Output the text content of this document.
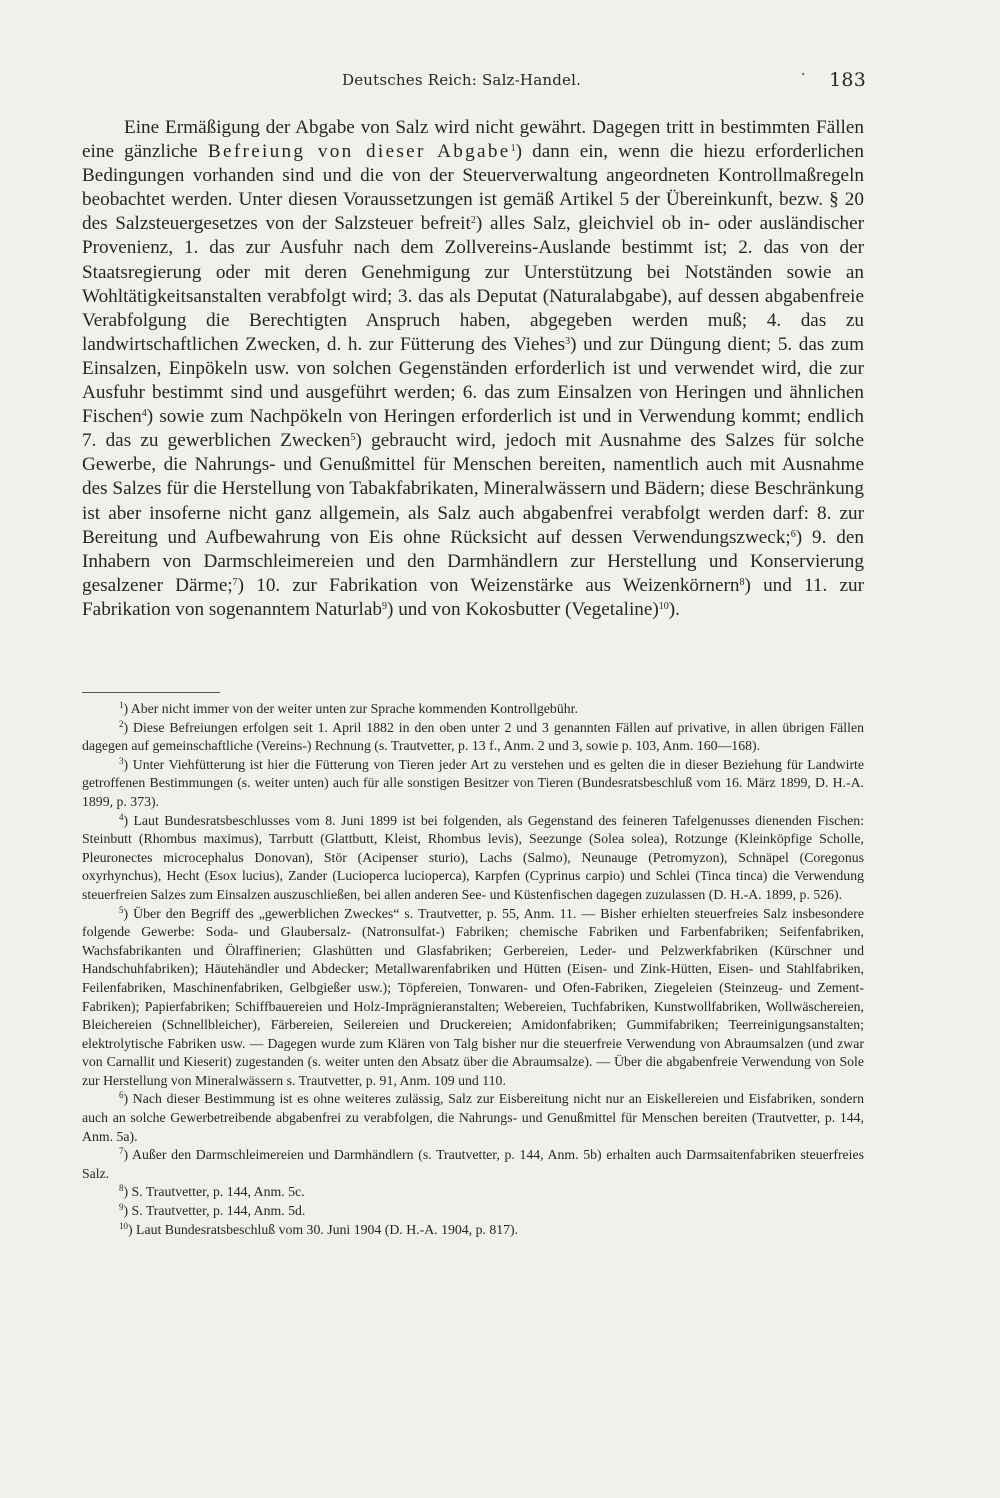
Deutsches Reich: Salz-Handel.	· 183

Eine Ermäßigung der Abgabe von Salz wird nicht gewährt. Dagegen tritt in bestimmten Fällen eine gänzliche Befreiung von dieser Abgabe$^1$) dann ein, wenn die hiezu erforderlichen Bedingungen vorhanden sind und die von der Steuerverwaltung angeordneten Kontrollmaßregeln beobachtet werden. Unter diesen Voraussetzungen ist gemäß Artikel 5 der Übereinkunft, bezw. § 20 des Salzsteuergesetzes von der Salzsteuer befreit$^2$) alles Salz, gleichviel ob in- oder ausländischer Provenienz, 1. das zur Ausfuhr nach dem Zollvereins-Auslande bestimmt ist; 2. das von der Staatsregierung oder mit deren Genehmigung zur Unterstützung bei Notständen sowie an Wohltätigkeitsanstalten verabfolgt wird; 3. das als Deputat (Naturalabgabe), auf dessen abgabenfreie Verabfolgung die Berechtigten Anspruch haben, abgegeben werden muß; 4. das zu landwirtschaftlichen Zwecken, d. h. zur Fütterung des Viehes$^3$) und zur Düngung dient; 5. das zum Einsalzen, Einpökeln usw. von solchen Gegenständen erforderlich ist und verwendet wird, die zur Ausfuhr bestimmt sind und ausgeführt werden; 6. das zum Einsalzen von Heringen und ähnlichen Fischen$^4$) sowie zum Nachpökeln von Heringen erforderlich ist und in Verwendung kommt; endlich 7. das zu gewerblichen Zwecken$^5$) gebraucht wird, jedoch mit Ausnahme des Salzes für solche Gewerbe, die Nahrungs- und Genußmittel für Menschen bereiten, namentlich auch mit Ausnahme des Salzes für die Herstellung von Tabakfabrikaten, Mineralwässern und Bädern; diese Beschränkung ist aber insoferne nicht ganz allgemein, als Salz auch abgabenfrei verabfolgt werden darf: 8. zur Bereitung und Aufbewahrung von Eis ohne Rücksicht auf dessen Verwendungszweck;$^6$) 9. den Inhabern von Darmschleimereien und den Darmhändlern zur Herstellung und Konservierung gesalzener Därme;$^7$) 10. zur Fabrikation von Weizenstärke aus Weizenkörnern$^8$) und 11. zur Fabrikation von sogenanntem Naturlab$^9$) und von Kokosbutter (Vegetaline)$^{10}$).

$^1$) Aber nicht immer von der weiter unten zur Sprache kommenden Kontrollgebühr.

$^2$) Diese Befreiungen erfolgen seit 1. April 1882 in den oben unter 2 und 3 genannten Fällen auf privative, in allen übrigen Fällen dagegen auf gemeinschaftliche (Vereins-) Rechnung (s. Trautvetter, p. 13 f., Anm. 2 und 3, sowie p. 103, Anm. 160—168).

$^3$) Unter Viehfütterung ist hier die Fütterung von Tieren jeder Art zu verstehen und es gelten die in dieser Beziehung für Landwirte getroffenen Bestimmungen (s. weiter unten) auch für alle sonstigen Besitzer von Tieren (Bundesratsbeschluß vom 16. März 1899, D. H.-A. 1899, p. 373).

$^4$) Laut Bundesratsbeschlusses vom 8. Juni 1899 ist bei folgenden, als Gegenstand des feineren Tafelgenusses dienenden Fischen: Steinbutt (Rhombus maximus), Tarrbutt (Glattbutt, Kleist, Rhombus levis), Seezunge (Solea solea), Rotzunge (Kleinköpfige Scholle, Pleuronectes microcephalus Donovan), Stör (Acipenser sturio), Lachs (Salmo), Neunauge (Petromyzon), Schnäpel (Coregonus oxyrhynchus), Hecht (Esox lucius), Zander (Lucioperca lucioperca), Karpfen (Cyprinus carpio) und Schlei (Tinca tinca) die Verwendung steuerfreien Salzes zum Einsalzen auszuschließen, bei allen anderen See- und Küstenfischen dagegen zuzulassen (D. H.-A. 1899, p. 526).

$^5$) Über den Begriff des „gewerblichen Zweckes“ s. Trautvetter, p. 55, Anm. 11. — Bisher erhielten steuerfreies Salz insbesondere folgende Gewerbe: Soda- und Glaubersalz- (Natronsulfat-) Fabriken; chemische Fabriken und Farbenfabriken; Seifenfabriken, Wachsfabrikanten und Ölraffinerien; Glashütten und Glasfabriken; Gerbereien, Leder- und Pelzwerkfabriken (Kürschner und Handschuhfabriken); Häutehändler und Abdecker; Metallwarenfabriken und Hütten (Eisen- und Zink-Hütten, Eisen- und Stahlfabriken, Feilenfabriken, Maschinenfabriken, Gelbgießer usw.); Töpfereien, Tonwaren- und Ofen-Fabriken, Ziegeleien (Steinzeug- und Zement-Fabriken); Papierfabriken; Schiffbauereien und Holz-Imprägnieranstalten; Webereien, Tuchfabriken, Kunstwollfabriken, Wollwäschereien, Bleichereien (Schnellbleicher), Färbereien, Seilereien und Druckereien; Amidonfabriken; Gummifabriken; Teerreinigungsanstalten; elektrolytische Fabriken usw. — Dagegen wurde zum Klären von Talg bisher nur die steuerfreie Verwendung von Abraumsalzen (und zwar von Carnallit und Kieserit) zugestanden (s. weiter unten den Absatz über die Abraumsalze). — Über die abgabenfreie Verwendung von Sole zur Herstellung von Mineralwässern s. Trautvetter, p. 91, Anm. 109 und 110.

$^6$) Nach dieser Bestimmung ist es ohne weiteres zulässig, Salz zur Eisbereitung nicht nur an Eiskellereien und Eisfabriken, sondern auch an solche Gewerbetreibende abgabenfrei zu verabfolgen, die Nahrungs- und Genußmittel für Menschen bereiten (Trautvetter, p. 144, Anm. 5a).

$^7$) Außer den Darmschleimereien und Darmhändlern (s. Trautvetter, p. 144, Anm. 5b) erhalten auch Darmsaitenfabriken steuerfreies Salz.

$^8$) S. Trautvetter, p. 144, Anm. 5c.

$^9$) S. Trautvetter, p. 144, Anm. 5d.

$^{10}$) Laut Bundesratsbeschluß vom 30. Juni 1904 (D. H.-A. 1904, p. 817).
